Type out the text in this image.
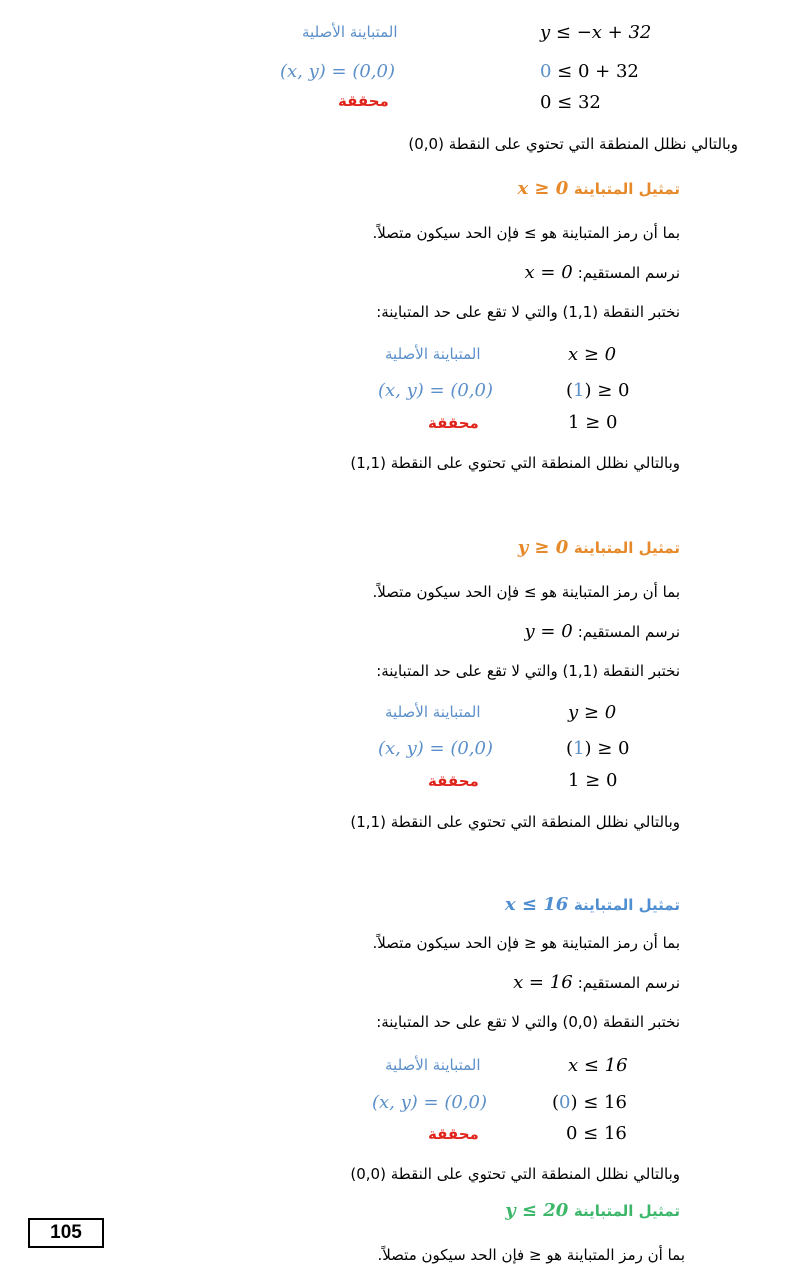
المتباينة الأصلية	y ≤ −x + 32
(x, y) = (0,0)	0 ≤ 0 + 32
محققة	0 ≤ 32
وبالتالي نظلل المنطقة التي تحتوي على النقطة (0,0)
تمثيل المتباينة x ≥ 0
بما أن رمز المتباينة هو ≥ فإن الحد سيكون متصلاً.
نرسم المستقيم: x = 0
نختبر النقطة (1,1) والتي لا تقع على حد المتباينة:
المتباينة الأصلية	x ≥ 0
(x, y) = (0,0)	(1) ≥ 0
محققة	1 ≥ 0
وبالتالي نظلل المنطقة التي تحتوي على النقطة (1,1)
تمثيل المتباينة y ≥ 0
بما أن رمز المتباينة هو ≥ فإن الحد سيكون متصلاً.
نرسم المستقيم: y = 0
نختبر النقطة (1,1) والتي لا تقع على حد المتباينة:
المتباينة الأصلية	y ≥ 0
(x, y) = (0,0)	(1) ≥ 0
محققة	1 ≥ 0
وبالتالي نظلل المنطقة التي تحتوي على النقطة (1,1)
تمثيل المتباينة x ≤ 16
بما أن رمز المتباينة هو ≤ فإن الحد سيكون متصلاً.
نرسم المستقيم: x = 16
نختبر النقطة (0,0) والتي لا تقع على حد المتباينة:
المتباينة الأصلية	x ≤ 16
(x, y) = (0,0)	(0) ≤ 16
محققة	0 ≤ 16
وبالتالي نظلل المنطقة التي تحتوي على النقطة (0,0)
تمثيل المتباينة y ≤ 20
بما أن رمز المتباينة هو ≤ فإن الحد سيكون متصلاً.
105
